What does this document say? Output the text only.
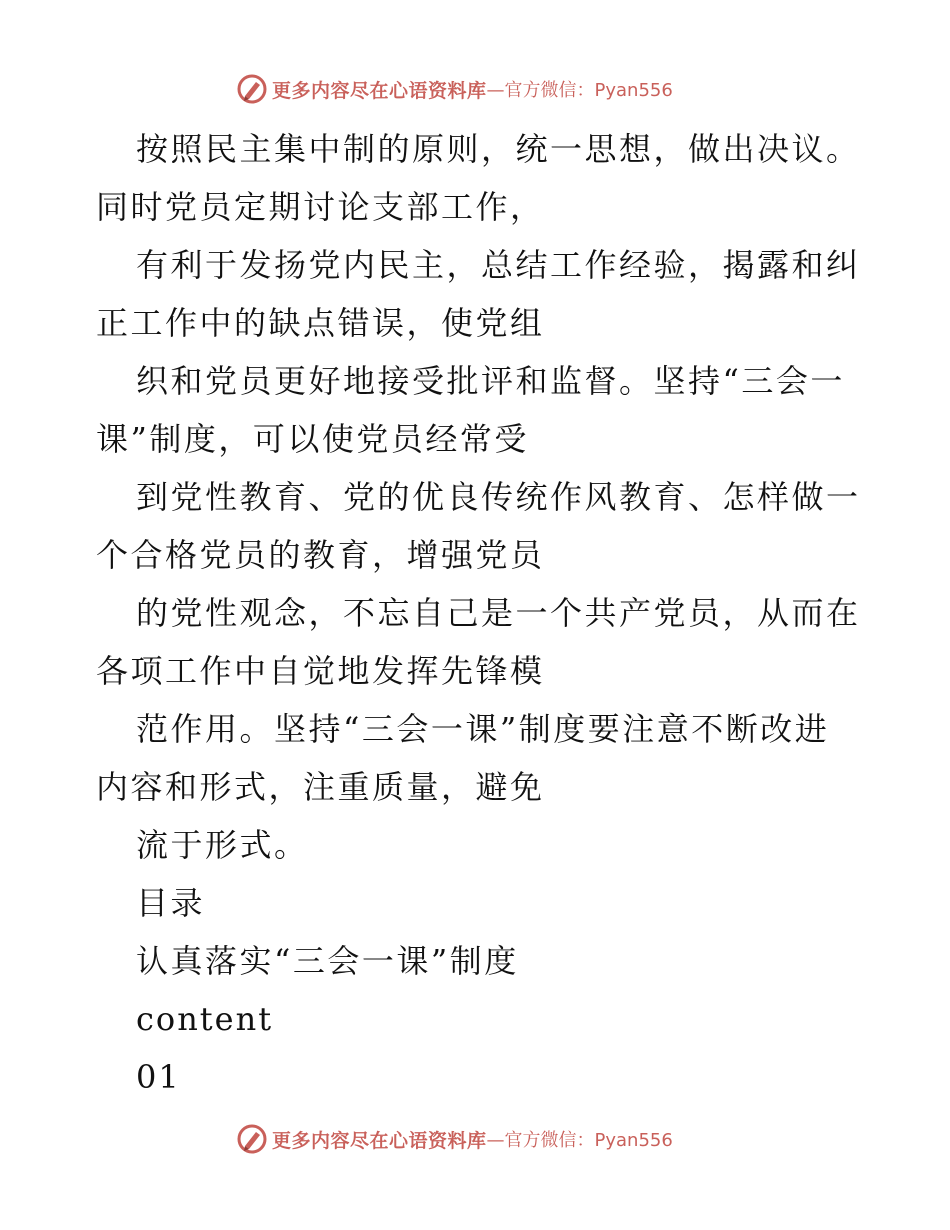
更多内容尽在心语资料库 —官方微信：Pyan556
按照民主集中制的原则，统一思想，做出决议。
同时党员定期讨论支部工作，
有利于发扬党内民主，总结工作经验，揭露和纠
正工作中的缺点错误，使党组
织和党员更好地接受批评和监督。坚持“三会一
课”制度，可以使党员经常受
到党性教育、党的优良传统作风教育、怎样做一
个合格党员的教育，增强党员
的党性观念，不忘自己是一个共产党员，从而在
各项工作中自觉地发挥先锋模
范作用。坚持“三会一课”制度要注意不断改进
内容和形式，注重质量，避免
流于形式。
目录
认真落实“三会一课”制度
content
01
更多内容尽在心语资料库 —官方微信：Pyan556
